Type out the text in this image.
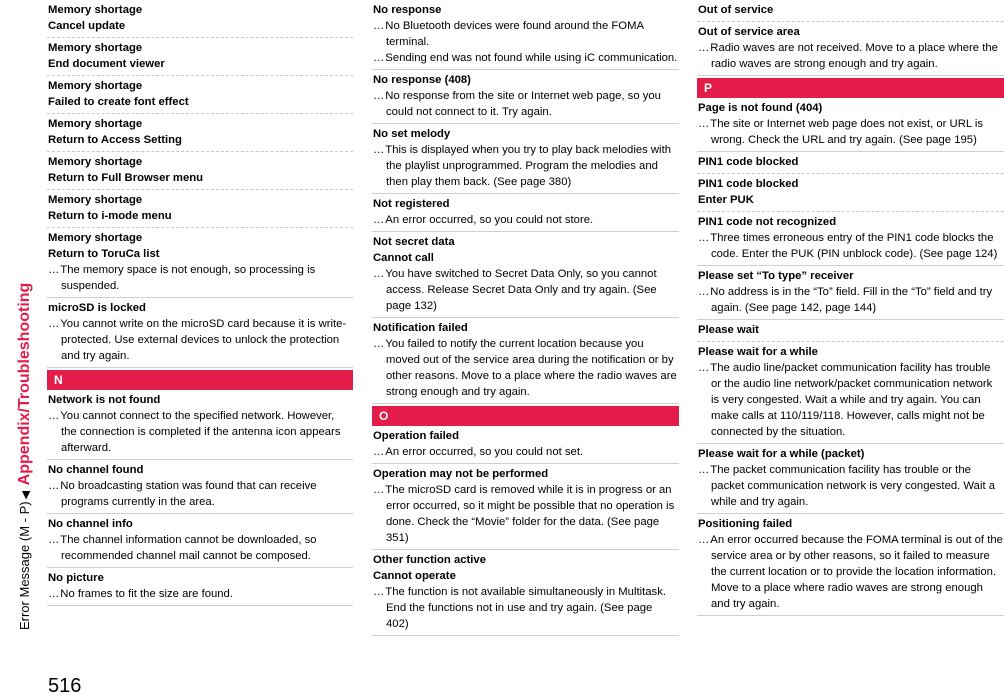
Error Message (M - P)◀ Appendix/Troubleshooting
516
Memory shortage
Cancel update
Memory shortage
End document viewer
Memory shortage
Failed to create font effect
Memory shortage
Return to Access Setting
Memory shortage
Return to Full Browser menu
Memory shortage
Return to i-mode menu
Memory shortage
Return to ToruCa list
… The memory space is not enough, so processing is suspended.
microSD is locked
… You cannot write on the microSD card because it is write-protected. Use external devices to unlock the protection and try again.
N
Network is not found
… You cannot connect to the specified network. However, the connection is completed if the antenna icon appears afterward.
No channel found
… No broadcasting station was found that can receive programs currently in the area.
No channel info
… The channel information cannot be downloaded, so recommended channel mail cannot be composed.
No picture
… No frames to fit the size are found.
No response
… No Bluetooth devices were found around the FOMA terminal.
… Sending end was not found while using iC communication.
No response (408)
… No response from the site or Internet web page, so you could not connect to it. Try again.
No set melody
… This is displayed when you try to play back melodies with the playlist unprogrammed. Program the melodies and then play them back. (See page 380)
Not registered
… An error occurred, so you could not store.
Not secret data
Cannot call
… You have switched to Secret Data Only, so you cannot access. Release Secret Data Only and try again. (See page 132)
Notification failed
… You failed to notify the current location because you moved out of the service area during the notification or by other reasons. Move to a place where the radio waves are strong enough and try again.
O
Operation failed
… An error occurred, so you could not set.
Operation may not be performed
… The microSD card is removed while it is in progress or an error occurred, so it might be possible that no operation is done. Check the “Movie” folder for the data. (See page 351)
Other function active
Cannot operate
… The function is not available simultaneously in Multitask. End the functions not in use and try again. (See page 402)
Out of service
Out of service area
… Radio waves are not received. Move to a place where the radio waves are strong enough and try again.
P
Page is not found (404)
… The site or Internet web page does not exist, or URL is wrong. Check the URL and try again. (See page 195)
PIN1 code blocked
PIN1 code blocked
Enter PUK
PIN1 code not recognized
… Three times erroneous entry of the PIN1 code blocks the code. Enter the PUK (PIN unblock code). (See page 124)
Please set “To type” receiver
… No address is in the “To” field. Fill in the “To” field and try again. (See page 142, page 144)
Please wait
Please wait for a while
… The audio line/packet communication facility has trouble or the audio line network/packet communication network is very congested. Wait a while and try again. You can make calls at 110/119/118. However, calls might not be connected by the situation.
Please wait for a while (packet)
… The packet communication facility has trouble or the packet communication network is very congested. Wait a while and try again.
Positioning failed
… An error occurred because the FOMA terminal is out of the service area or by other reasons, so it failed to measure the current location or to provide the location information. Move to a place where radio waves are strong enough and try again.
